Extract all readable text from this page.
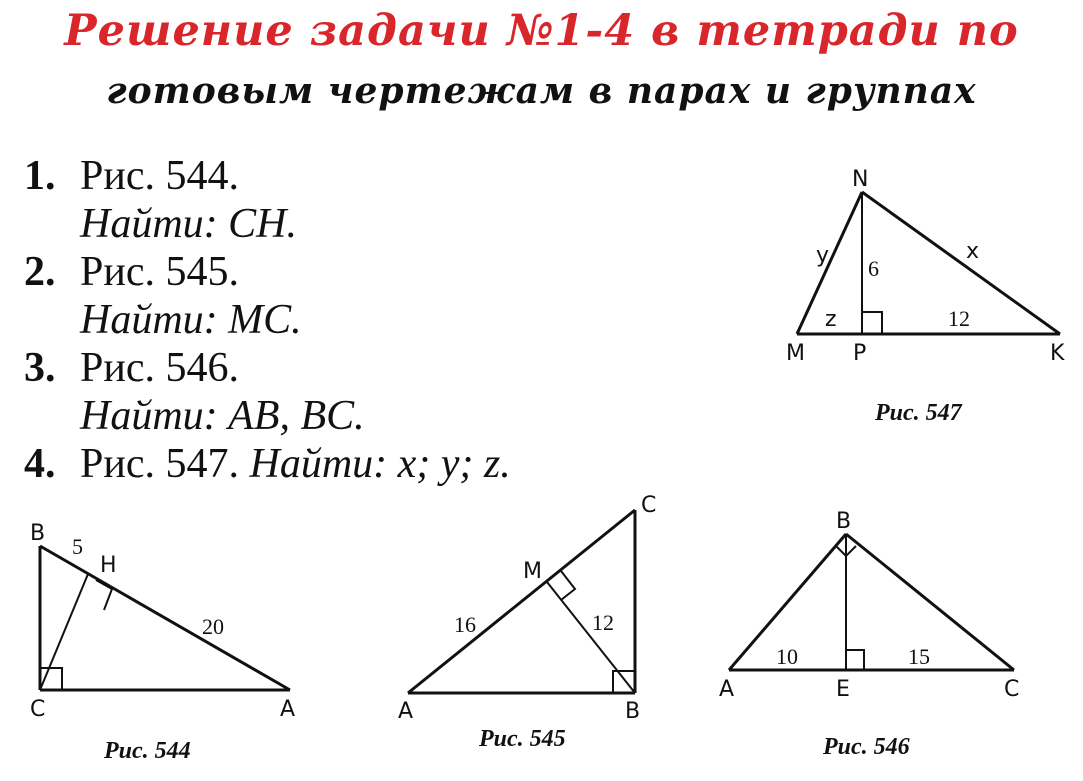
Решение задачи №1-4 в тетради по
готовым чертежам в парах и группах
1. Рис. 544.
Найти: CH.
2. Рис. 545.
Найти: MC.
3. Рис. 546.
Найти: AB, BC.
4. Рис. 547. Найти: x; y; z.
N
M P	K
y	x
6
z	12
Рис. 547
B
H
C	A
5
20
Рис. 544
C
M
A	B
16	12
Рис. 545
B
A	E	C
10	15
Рис. 546
